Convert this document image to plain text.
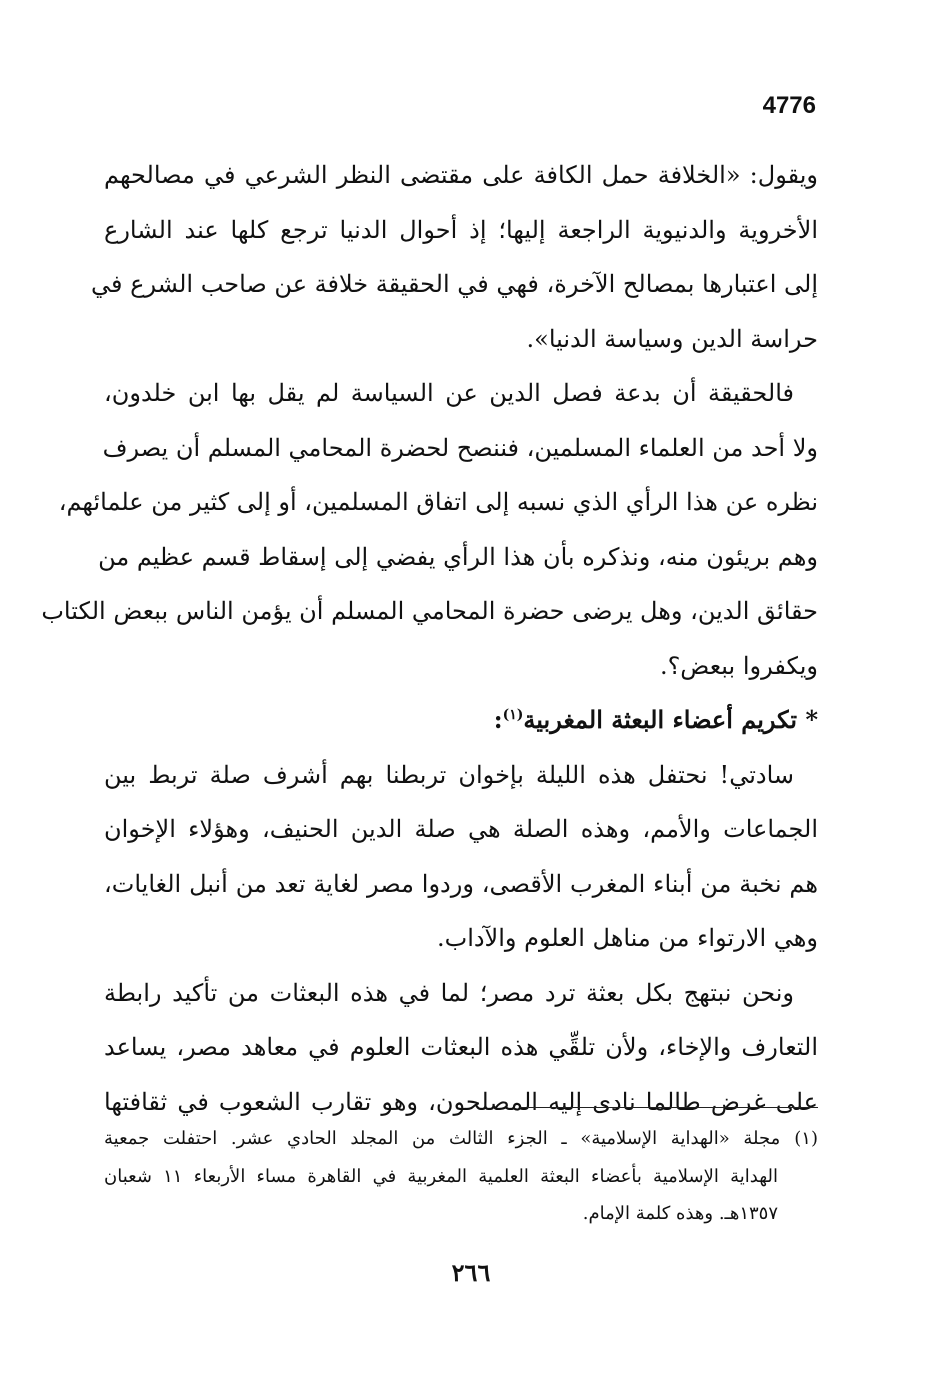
4776
ويقول: «الخلافة حمل الكافة على مقتضى النظر الشرعي في مصالحهم
الأخروية والدنيوية الراجعة إليها؛ إذ أحوال الدنيا ترجع كلها عند الشارع
إلى اعتبارها بمصالح الآخرة، فهي في الحقيقة خلافة عن صاحب الشرع في
حراسة الدين وسياسة الدنيا».
فالحقيقة أن بدعة فصل الدين عن السياسة لم يقل بها ابن خلدون،
ولا أحد من العلماء المسلمين، فننصح لحضرة المحامي المسلم أن يصرف
نظره عن هذا الرأي الذي نسبه إلى اتفاق المسلمين، أو إلى كثير من علمائهم،
وهم بريئون منه، ونذكره بأن هذا الرأي يفضي إلى إسقاط قسم عظيم من
حقائق الدين، وهل يرضى حضرة المحامي المسلم أن يؤمن الناس ببعض الكتاب
ويكفروا ببعض؟.
* تكريم أعضاء البعثة المغربية$^{(١)}$:
سادتي! نحتفل هذه الليلة بإخوان تربطنا بهم أشرف صلة تربط بين
الجماعات والأمم، وهذه الصلة هي صلة الدين الحنيف، وهؤلاء الإخوان
هم نخبة من أبناء المغرب الأقصى، وردوا مصر لغاية تعد من أنبل الغايات،
وهي الارتواء من مناهل العلوم والآداب.
ونحن نبتهج بكل بعثة ترد مصر؛ لما في هذه البعثات من تأكيد رابطة
التعارف والإخاء، ولأن تلقِّي هذه البعثات العلوم في معاهد مصر، يساعد
على غرض طالما نادى إليه المصلحون، وهو تقارب الشعوب في ثقافتها
(١)مجلة «الهداية الإسلامية» ـ الجزء الثالث من المجلد الحادي عشر. احتفلت جمعية
الهداية الإسلامية بأعضاء البعثة العلمية المغربية في القاهرة مساء الأربعاء ١١ شعبان
١٣٥٧هـ. وهذه كلمة الإمام.
٢٦٦
